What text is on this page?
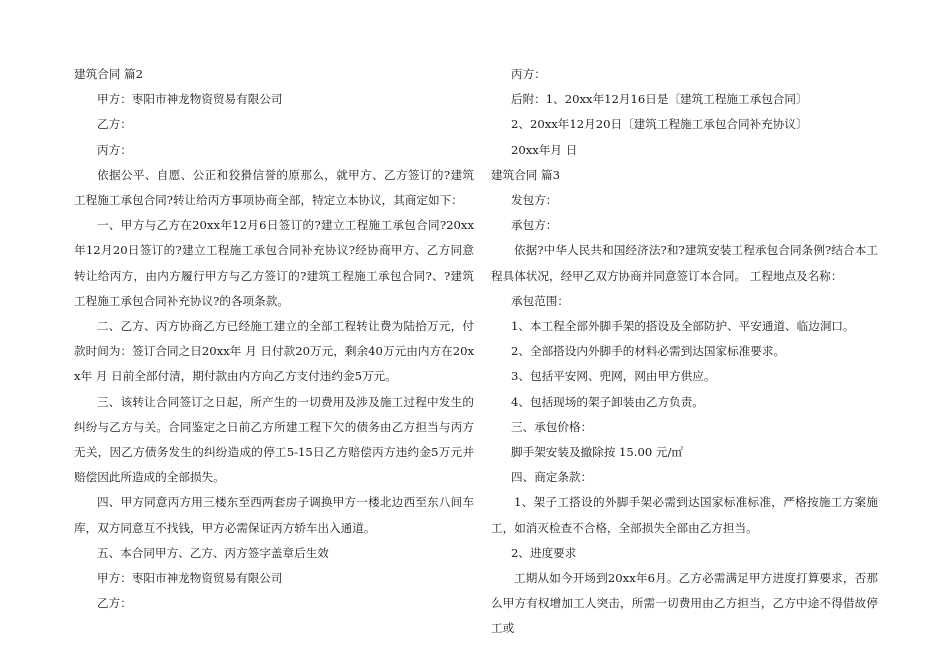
建筑合同 篇2

甲方：枣阳市神龙物资贸易有限公司

乙方：

丙方：

依据公平、自愿、公正和狡猾信誉的原那么，就甲方、乙方签订的?建筑工程施工承包合同?转让给丙方事项协商全部，特定立本协议，其商定如下：

一、甲方与乙方在20xx年12月6日签订的?建立工程施工承包合同?20xx年12月20日签订的?建立工程施工承包合同补充协议?经协商甲方、乙方同意转让给丙方，由内方履行甲方与乙方签订的?建筑工程施工承包合同?、?建筑工程施工承包合同补充协议?的各项条款。

二、乙方、丙方协商乙方已经施工建立的全部工程转让费为陆拾万元，付款时间为：签订合同之日20xx年 月 日付款20万元，剩余40万元由内方在20xx年 月 日前全部付清，期付款由内方向乙方支付违约金5万元。

三、该转让合同签订之日起，所产生的一切费用及涉及施工过程中发生的纠纷与乙方与关。合同鉴定之日前乙方所建工程下欠的债务由乙方担当与丙方无关，因乙方债务发生的纠纷造成的停工5-15日乙方赔偿丙方违约金5万元并赔偿因此所造成的全部损失。

四、甲方同意丙方用三楼东至西两套房子调换甲方一楼北边西至东八间车库，双方同意互不找钱，甲方必需保证丙方轿车出入通道。

五、本合同甲方、乙方、丙方签字盖章后生效

甲方：枣阳市神龙物资贸易有限公司

乙方：

丙方：

后附：1、20xx年12月16日是〔建筑工程施工承包合同〕

2、20xx年12月20日〔建筑工程施工承包合同补充协议〕

20xx年月 日

建筑合同 篇3

发包方：

承包方：

依据?中华人民共和国经济法?和?建筑安装工程承包合同条例?结合本工程具体状况，经甲乙双方协商并同意签订本合同。 工程地点及名称：

承包范围：

1、本工程全部外脚手架的搭设及全部防护、平安通道、临边洞口。

2、全部搭设内外脚手的材料必需到达国家标准要求。

3、包括平安网、兜网，网由甲方供应。

4、包括现场的架子卸装由乙方负责。

三、承包价格：

脚手架安装及撤除按 15.00 元/㎡

四、商定条款：

1、架子工搭设的外脚手架必需到达国家标准标准，严格按施工方案施工，如消灭检查不合格，全部损失全部由乙方担当。

2、进度要求

工期从如今开场到20xx年6月。乙方必需满足甲方进度打算要求，否那么甲方有权增加工人突击，所需一切费用由乙方担当，乙方中途不得借故停工或
